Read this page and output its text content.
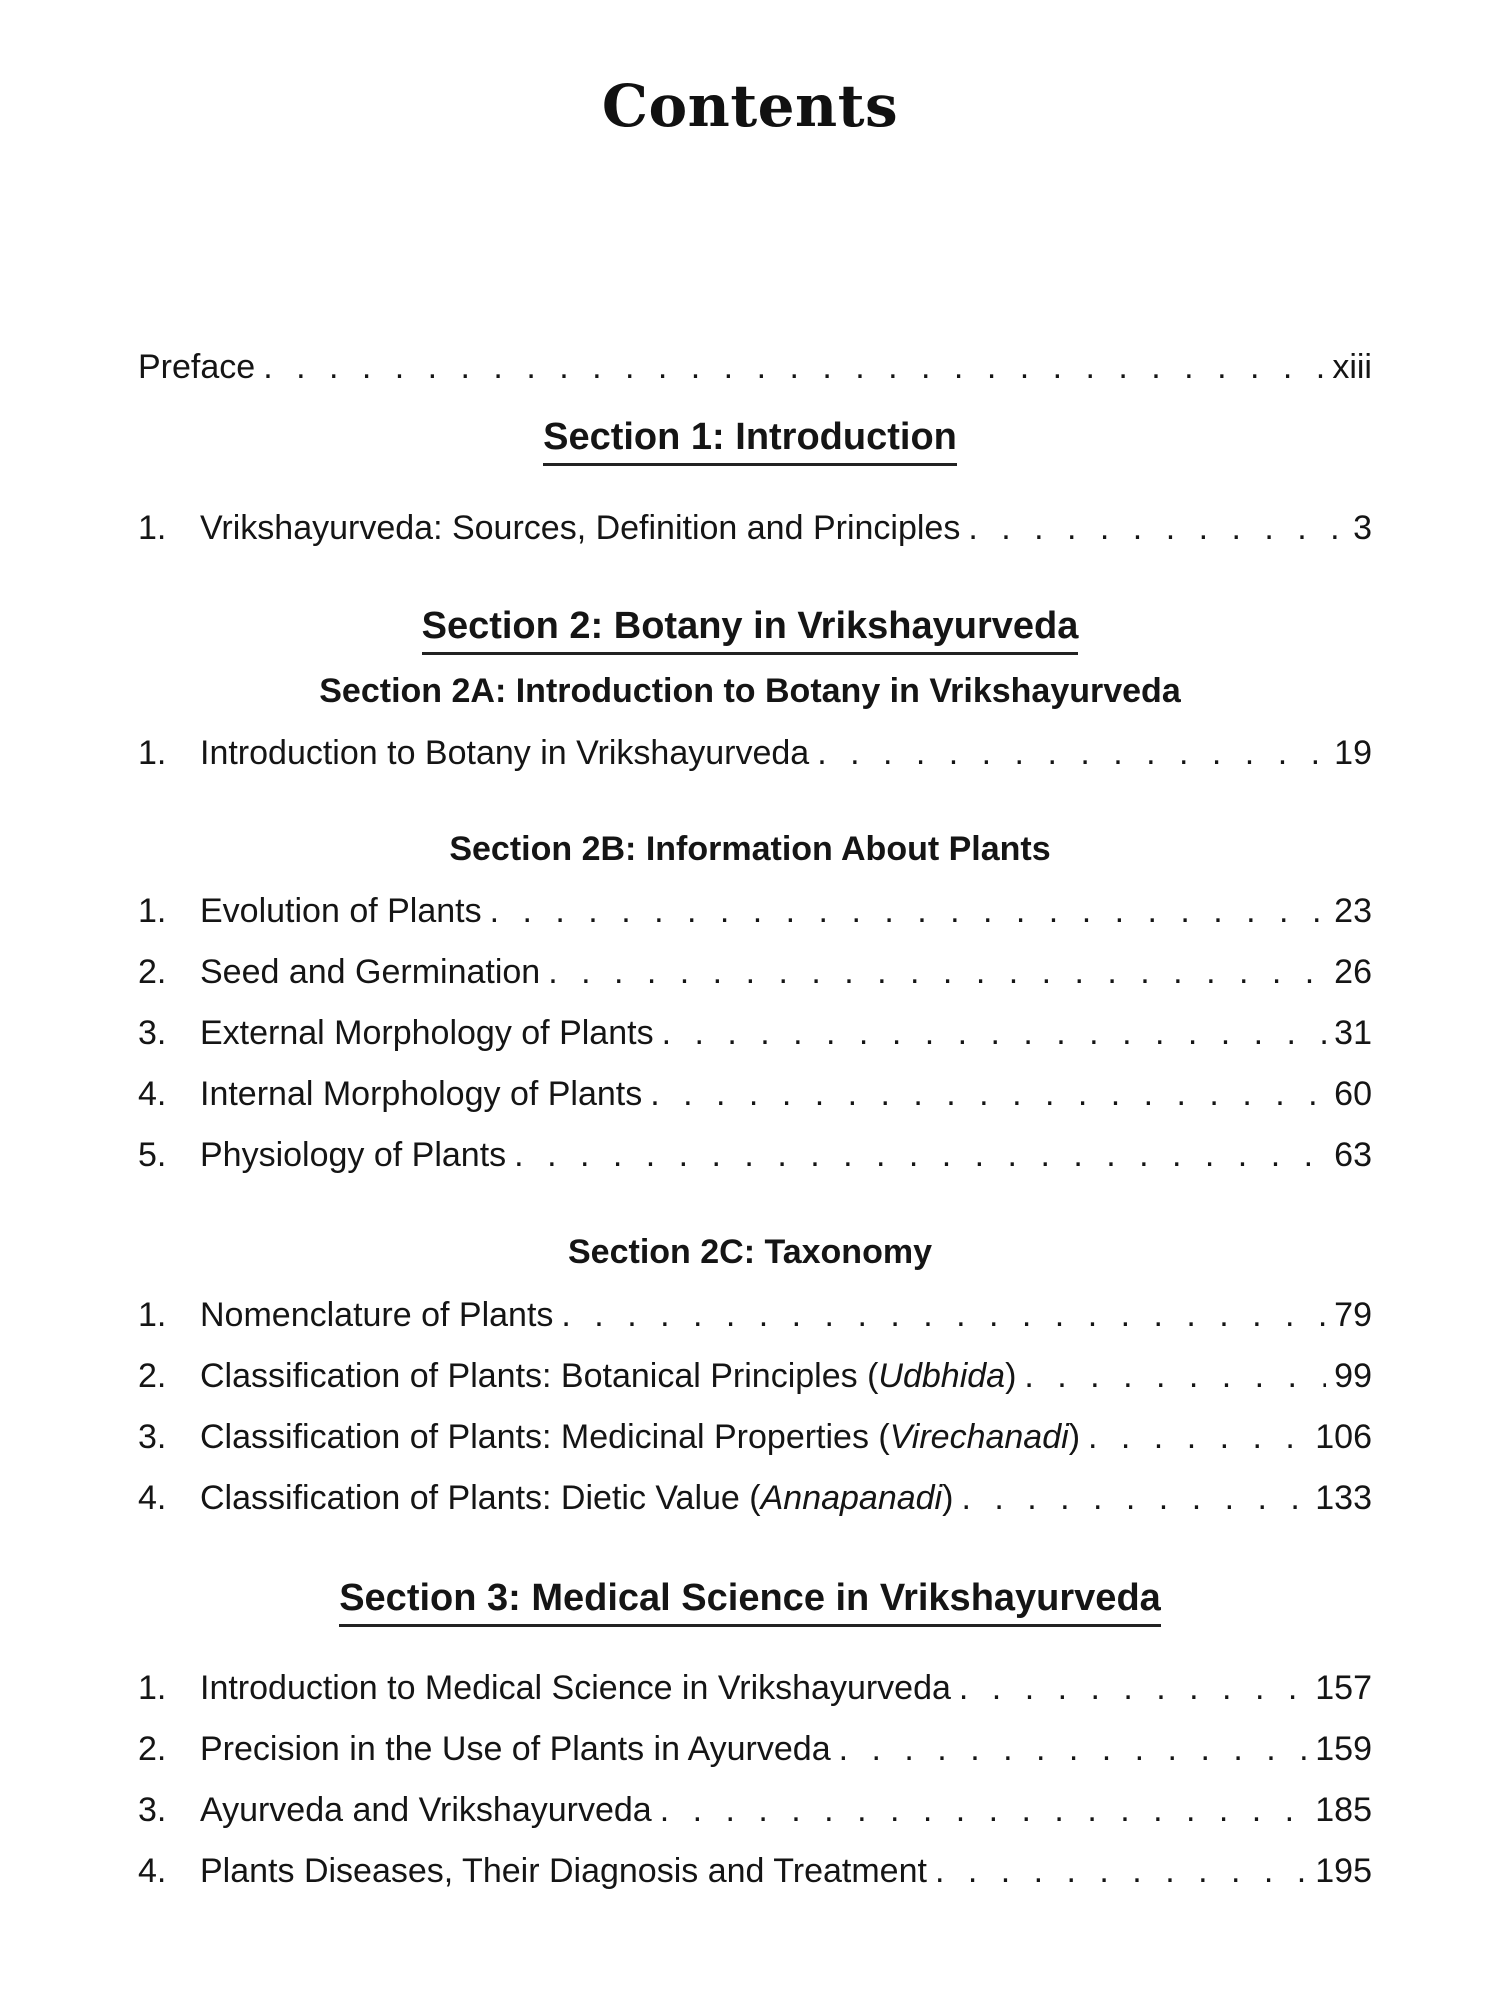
Contents
Preface . . .	xiii
Section 1: Introduction
1. Vrikshayurveda: Sources, Definition and Principles . . .	3
Section 2: Botany in Vrikshayurveda
Section 2A: Introduction to Botany in Vrikshayurveda
1. Introduction to Botany in Vrikshayurveda . . .	19
Section 2B: Information About Plants
1. Evolution of Plants . . .	23
2. Seed and Germination . . .	26
3. External Morphology of Plants . . .	31
4. Internal Morphology of Plants . . .	60
5. Physiology of Plants . . .	63
Section 2C: Taxonomy
1. Nomenclature of Plants . . .	79
2. Classification of Plants: Botanical Principles (Udbhida) . . .	99
3. Classification of Plants: Medicinal Properties (Virechanadi) . . .	106
4. Classification of Plants: Dietic Value (Annapanadi) . . .	133
Section 3: Medical Science in Vrikshayurveda
1. Introduction to Medical Science in Vrikshayurveda . . .	157
2. Precision in the Use of Plants in Ayurveda . . .	159
3. Ayurveda and Vrikshayurveda . . .	185
4. Plants Diseases, Their Diagnosis and Treatment . . .	195
